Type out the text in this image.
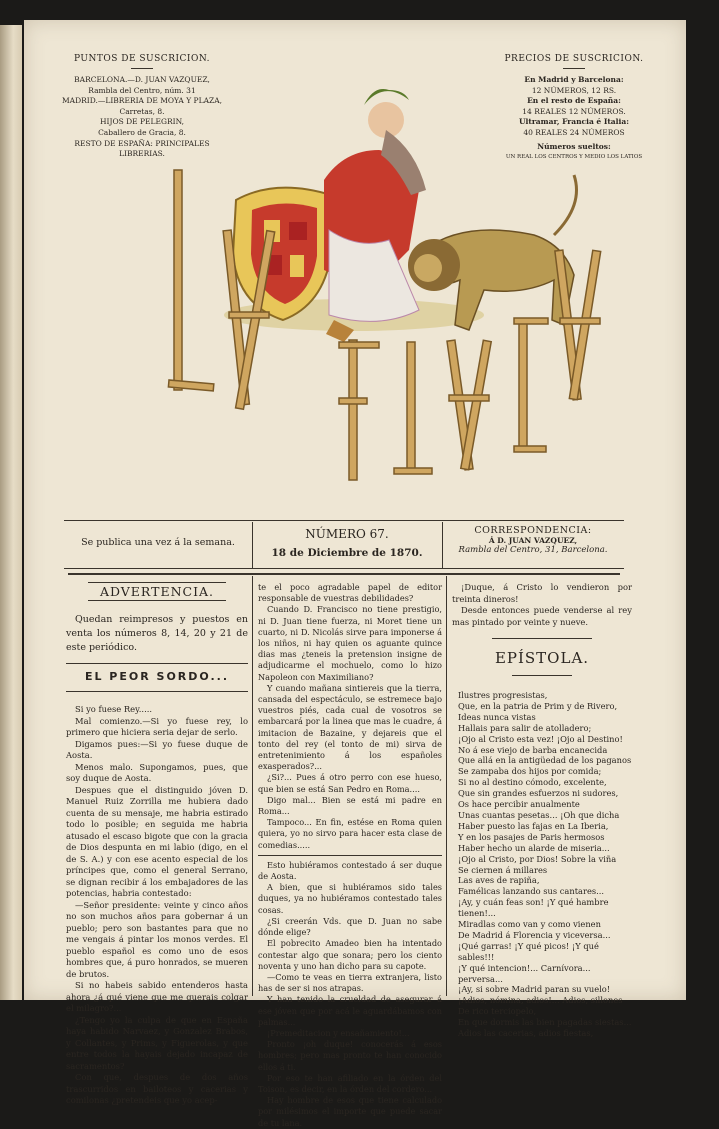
PUNTOS DE SUSCRICION.
BARCELONA.—D. JUAN VAZQUEZ,
Rambla del Centro, núm. 31
MADRID.—LIBRERIA DE MOYA Y PLAZA,
Carretas, 8.
HIJOS DE PELEGRIN,
Caballero de Gracia, 8.
RESTO DE ESPAÑA: PRINCIPALES
LIBRERIAS.
PRECIOS DE SUSCRICION.
En Madrid y Barcelona:
12 NÚMEROS, 12 RS.
En el resto de España:
14 REALES 12 NÚMEROS.
Ultramar, Francia é Italia:
40 REALES 24 NÚMEROS
Números sueltos:
UN REAL LOS CENTROS Y MEDIO LOS LATIOS
LA FLACA
Se publica una vez á la semana.
NÚMERO 67.
18 de Diciembre de 1870.
CORRESPONDENCIA:
Á D. JUAN VAZQUEZ,
Rambla del Centro, 31, Barcelona.
ADVERTENCIA.

Quedan reimpresos y puestos en venta los números 8, 14, 20 y 21 de este periódico.

EL PEOR SORDO...

Si yo fuese Rey.....

Mal comienzo.—Si yo fuese rey, lo primero que hiciera seria dejar de serlo.

Digamos pues:—Si yo fuese duque de Aosta.

Menos malo. Supongamos, pues, que soy duque de Aosta.

Despues que el distinguido jóven D. Manuel Ruiz Zorrilla me hubiera dado cuenta de su mensaje, me habria estirado todo lo posible; en seguida me habria atusado el escaso bigote que con la gracia de Dios despunta en mi labio (digo, en el de S. A.) y con ese acento especial de los príncipes que, como el general Serrano, se dignan recibir á los embajadores de las potencias, habria contestado:

—Señor presidente: veinte y cinco años no son muchos años para gobernar á un pueblo; pero son bastantes para que no me vengais á pintar los monos verdes. El pueblo español es como uno de esos hombres que, á puro honrados, se mueren de brutos.

Si no habeis sabido entenderos hasta ahora ¿á qué viene que me querais colgar el milagro?...

¿Tengo yo la culpa de que en España haya habido Narvaez, y Gonzalez Brabos, y Collantes, y Prims, y Figuerolas, y que entre todos la hayais dejado incapaz de sacramentos?

Con que, despues de dos años trascurridos en bailoteos y cacerias y comilonas ¿pretendeis que yo acep-

te el poco agradable papel de editor responsable de vuestras debilidades?

Cuando D. Francisco no tiene prestigio, ni D. Juan tiene fuerza, ni Moret tiene un cuarto, ni D. Nicolás sirve para imponerse á los niños, ni hay quien os aguante quince dias mas ¿teneis la pretension insigne de adjudicarme el mochuelo, como lo hizo Napoleon con Maximiliano?

Y cuando mañana sintiereis que la tierra, cansada del espectáculo, se estremece bajo vuestros piés, cada cual de vosotros se embarcará por la linea que mas le cuadre, á imitacion de Bazaine, y dejareis que el tonto del rey (el tonto de mi) sirva de entretenimiento á los españoles exasperados?...

¿Si?... Pues á otro perro con ese hueso, que bien se está San Pedro en Roma....

Digo mal... Bien se está mi padre en Roma...

Tampoco... En fin, estése en Roma quien quiera, yo no sirvo para hacer esta clase de comedias.....

Esto hubiéramos contestado á ser duque de Aosta.

A bien, que si hubiéramos sido tales duques, ya no hubiéramos contestado tales cosas.

¿Si creerán Vds. que D. Juan no sabe dónde elige?

El pobrecito Amadeo bien ha intentado contestar algo que sonara; pero los ciento noventa y uno han dicho para su capote.

—Como te veas en tierra extranjera, listo has de ser si nos atrapas.

Y han tenido la crueldad de asegurar á ese jóven que por acá le aguardábamos con palmas...

¡Premeditacion y ensañamiento!...

Pronto ¡oh duque! conocerás á esos hombres; pero mas pronto te han conocido ellos á ti.

Por eso te han afiliado en la órden del Toison, es decir, en la órden del cordero...

Hay hombre de esos que tiene calculado por milésimos el importe que puede sacar de tu lana.

¡Duque, á Cristo lo vendieron por treinta dineros!

Desde entonces puede venderse al rey mas pintado por veinte y nueve.

EPÍSTOLA.

Ilustres progresistas,

Que, en la patria de Prim y de Rivero,

Ideas nunca vistas

Hallais para salir de atolladero;

¡Ojo al Cristo esta vez! ¡Ojo al Destino!

No á ese viejo de barba encanecida

Que allá en la antigüedad de los paganos

Se zampaba dos hijos por comida;

Si no al destino cómodo, excelente,

Que sin grandes esfuerzos ni sudores,

Os hace percibir anualmente

Unas cuantas pesetas... ¡Oh que dicha

Haber puesto las fajas en La Iberia,

Y en los pasajes de Paris hermosos

Haber hecho un alarde de miseria...

¡Ojo al Cristo, por Dios! Sobre la viña

Se ciernen á millares

Las aves de rapiña,

Famélicas lanzando sus cantares...

¡Ay, y cuán feas son! ¡Y qué hambre tienen!...

Miradlas como van y como vienen

De Madrid á Florencia y viceversa...

¡Qué garras! ¡Y qué picos! ¡Y qué sables!!!

¡Y qué intencion!... Carnívora... perversa...

¡Ay, si sobre Madrid paran su vuelo!

¡Adios, nómina, adios!... Adios, sillones

De rico terciopelo,

En que dormis las bien pagadas siestas...

Adios las cacerias, adios fiestas,
